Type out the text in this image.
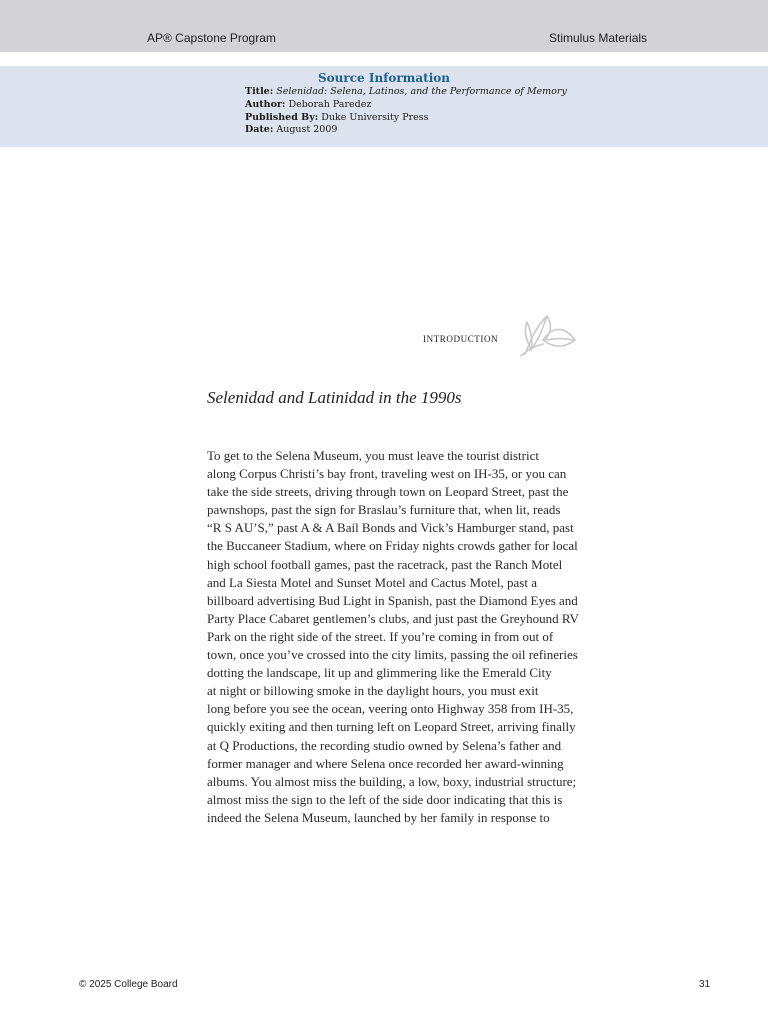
AP® Capstone Program	Stimulus Materials
Source Information
Title: Selenidad: Selena, Latinos, and the Performance of Memory
Author: Deborah Paredez
Published By: Duke University Press
Date: August 2009
introduction
Selenidad and Latinidad in the 1990s
To get to the Selena Museum, you must leave the tourist district
along Corpus Christi’s bay front, traveling west on IH-35, or you can
take the side streets, driving through town on Leopard Street, past the
pawnshops, past the sign for Braslau’s furniture that, when lit, reads
“R S AU’S,” past A & A Bail Bonds and Vick’s Hamburger stand, past
the Buccaneer Stadium, where on Friday nights crowds gather for local
high school football games, past the racetrack, past the Ranch Motel
and La Siesta Motel and Sunset Motel and Cactus Motel, past a
billboard advertising Bud Light in Spanish, past the Diamond Eyes and
Party Place Cabaret gentlemen’s clubs, and just past the Greyhound RV
Park on the right side of the street. If you’re coming in from out of
town, once you’ve crossed into the city limits, passing the oil refineries
dotting the landscape, lit up and glimmering like the Emerald City
at night or billowing smoke in the daylight hours, you must exit
long before you see the ocean, veering onto Highway 358 from IH-35,
quickly exiting and then turning left on Leopard Street, arriving finally
at Q Productions, the recording studio owned by Selena’s father and
former manager and where Selena once recorded her award-winning
albums. You almost miss the building, a low, boxy, industrial structure;
almost miss the sign to the left of the side door indicating that this is
indeed the Selena Museum, launched by her family in response to
© 2025 College Board	31
